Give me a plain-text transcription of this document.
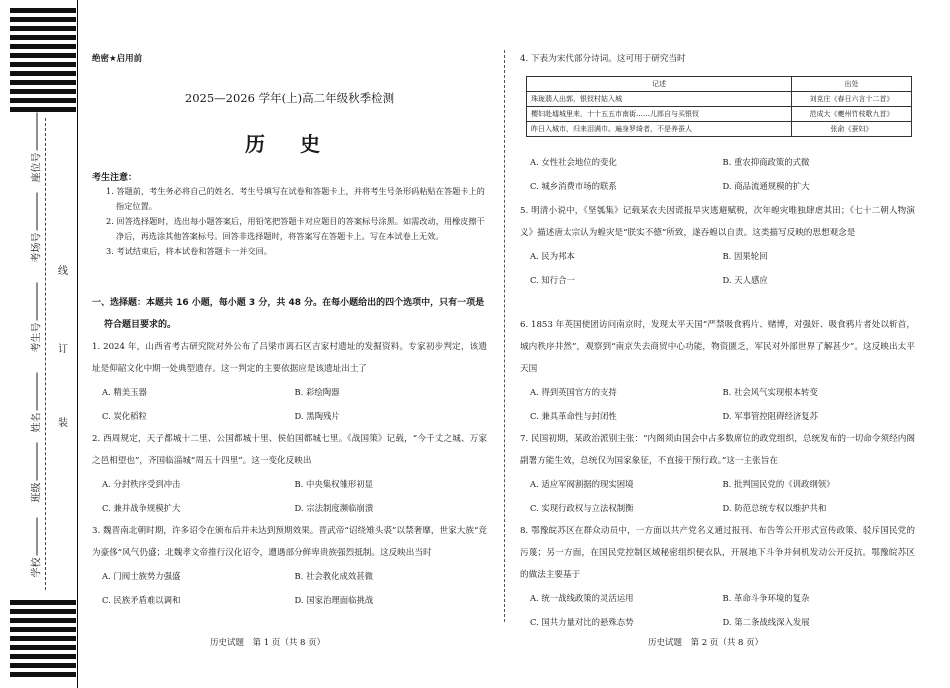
座位号
考场号
考生号
姓名
班级
学校
线
订
装
绝密★启用前
2025—2026 学年(上)高二年级秋季检测
历 史
考生注意：

1. 答题前，考生务必将自己的姓名、考生号填写在试卷和答题卡上，并将考生号条形码粘贴在答题卡上的指定位置。

2. 回答选择题时，选出每小题答案后，用铅笔把答题卡对应题目的答案标号涂黑。如需改动，用橡皮擦干净后，再选涂其他答案标号。回答非选择题时，将答案写在答题卡上。写在本试卷上无效。

3. 考试结束后，将本试卷和答题卡一并交回。

一、选择题：本题共 16 小题，每小题 3 分，共 48 分。在每小题给出的四个选项中，只有一项是
符合题目要求的。
1. 2024 年，山西省考古研究院对外公布了吕梁市离石区吉家村遗址的发掘资料。专家初步判定，该遗址是仰韶文化中期一处典型遗存。这一判定的主要依据应是该遗址出土了
A. 精美玉器	B. 彩绘陶器
C. 炭化稻粒	D. 黑陶残片
2. 西周规定，天子都城十二里、公国都城十里、侯伯国都城七里。《战国策》记载，“今千丈之城、万家之邑相望也”，齐国临淄城“周五十四里”。这一变化反映出
A. 分封秩序受到冲击	B. 中央集权雏形初显
C. 兼并战争规模扩大	D. 宗法制度濒临崩溃
3. 魏晋南北朝时期，许多诏令在颁布后并未达到预期效果。晋武帝“诏绕雉头裘”以禁奢靡，世家大族“竞为豪侈”风气仍盛；北魏孝文帝推行汉化诏令，遭遇部分鲜卑贵族强烈抵制。这反映出当时
A. 门阀士族势力强盛	B. 社会教化成效甚微
C. 民族矛盾难以调和	D. 国家治理面临挑战
历史试题　第 1 页（共 8 页）
4. 下表为宋代部分诗词。这可用于研究当时
记述	出处
珠珑翡人出郭，银钗村姑入城	刘克庄《春日六言十二首》
樱妇赴墟城里来，十十五五市南街……儿郎自与买银钗	范成大《夔州竹枝歌九首》
昨日入城市，归来泪满巾。遍身罗绮者，不是养蚕人	张俞《蚕妇》
A. 女性社会地位的变化	B. 重农抑商政策的式微
C. 城乡消费市场的联系	D. 商品流通规模的扩大
5. 明清小说中，《坚瓠集》记载某农夫因谎报旱灾逃避赋税，次年蝗灾唯独肆虐其田；《七十二朝人物演义》描述唐太宗认为蝗灾是“朕实不德”所致，遂吞蝗以自责。这类描写反映的思想观念是
A. 民为邦本	B. 因果轮回
C. 知行合一	D. 天人感应
6. 1853 年英国使团访问南京时，发现太平天国“严禁吸食鸦片、赌博，对强奸、吸食鸦片者处以斩首，城内秩序井然”，观察到“南京失去商贸中心功能，物资匮乏，军民对外部世界了解甚少”。这反映出太平天国
A. 得到英国官方的支持	B. 社会风气实现根本转变
C. 兼具革命性与封闭性	D. 军事管控阻碍经济复苏
7. 民国初期，某政治派别主张：“内阁须由国会中占多数席位的政党组织，总统发布的一切命令须经内阁副署方能生效，总统仅为国家象征，不直接干预行政。”这一主张旨在
A. 适应军阀割据的现实困境	B. 批判国民党的《训政纲领》
C. 实现行政权与立法权制衡	D. 防范总统专权以维护共和
8. 鄂豫皖苏区在群众动员中，一方面以共产党名义通过报刊、布告等公开形式宣传政策、驳斥国民党的污蔑；另一方面，在国民党控制区域秘密组织便衣队，开展地下斗争并伺机发动公开反抗。鄂豫皖苏区的做法主要基于
A. 统一战线政策的灵活运用	B. 革命斗争环境的复杂
C. 国共力量对比的悬殊态势	D. 第二条战线深入发展
历史试题　第 2 页（共 8 页）
